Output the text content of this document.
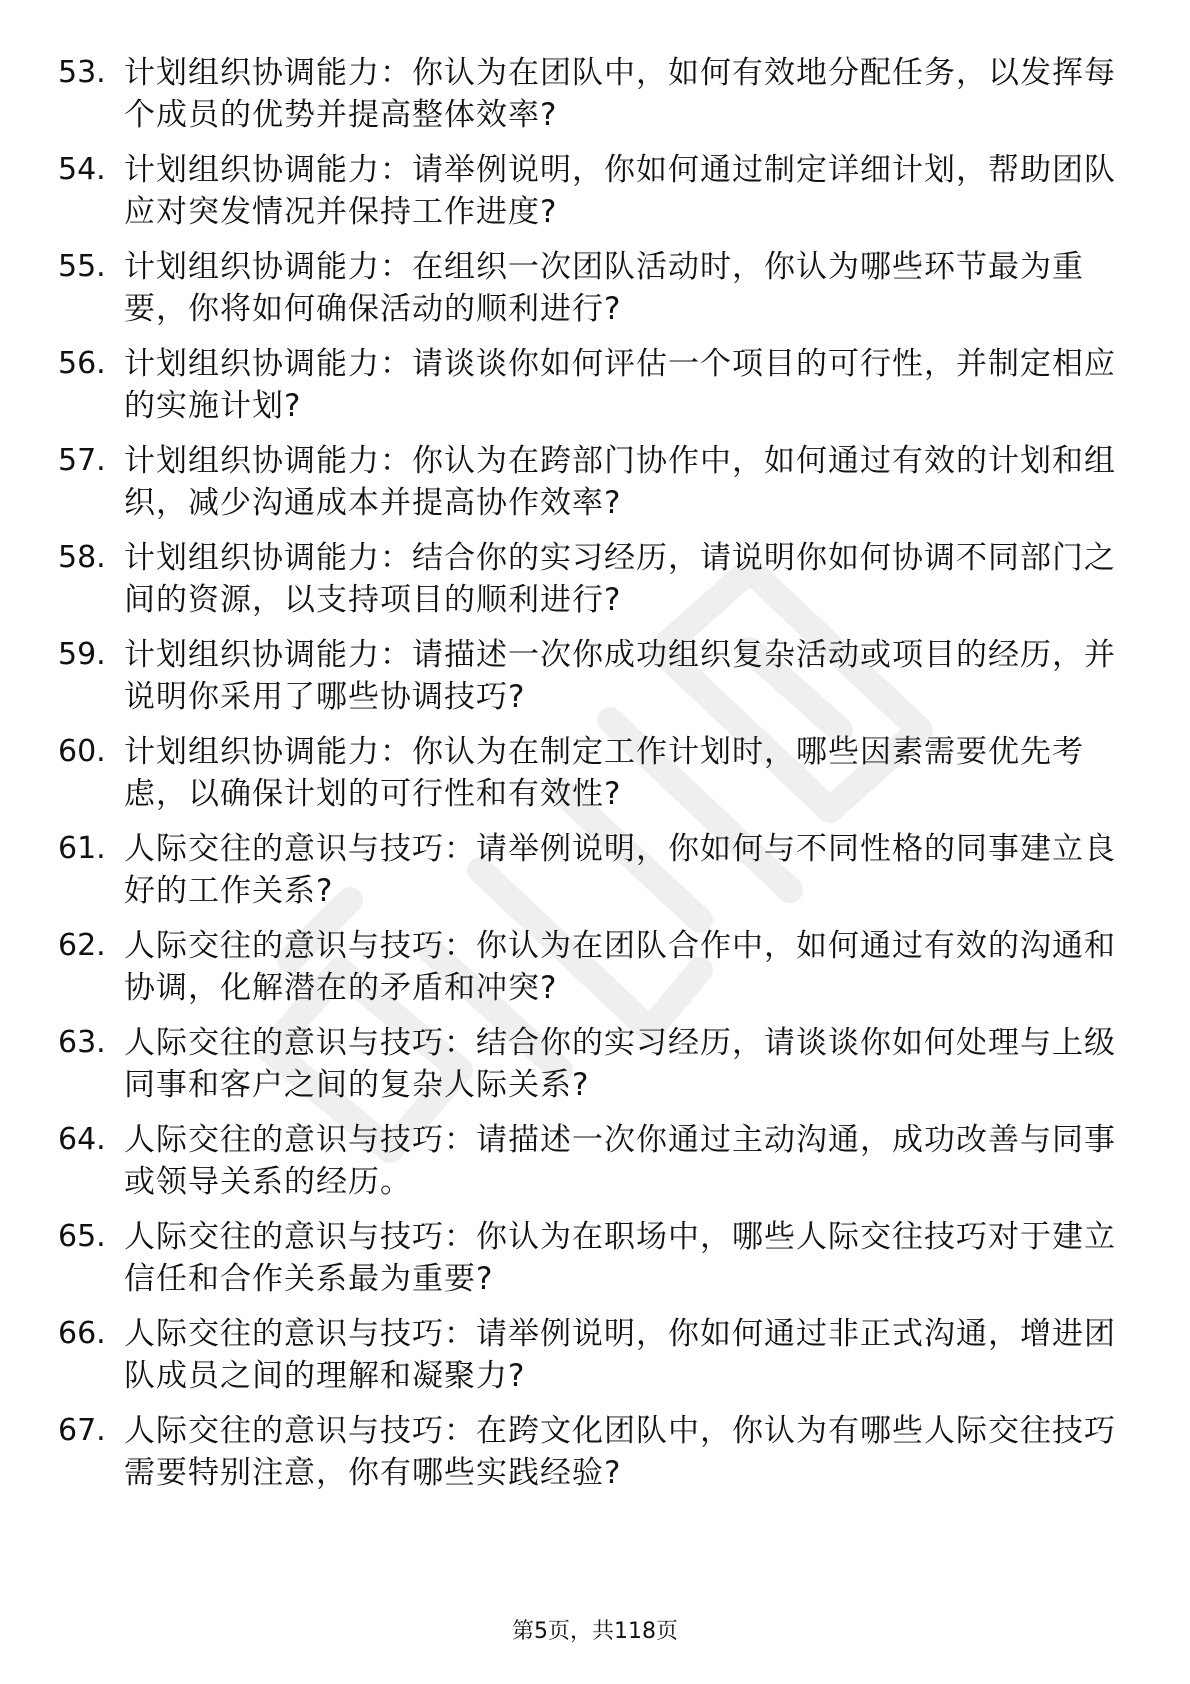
53. 计划组织协调能力：你认为在团队中，如何有效地分配任务，以发挥每个成员的优势并提高整体效率?
54. 计划组织协调能力：请举例说明，你如何通过制定详细计划，帮助团队应对突发情况并保持工作进度?
55. 计划组织协调能力：在组织一次团队活动时，你认为哪些环节最为重要，你将如何确保活动的顺利进行?
56. 计划组织协调能力：请谈谈你如何评估一个项目的可行性，并制定相应的实施计划?
57. 计划组织协调能力：你认为在跨部门协作中，如何通过有效的计划和组织，减少沟通成本并提高协作效率?
58. 计划组织协调能力：结合你的实习经历，请说明你如何协调不同部门之间的资源，以支持项目的顺利进行?
59. 计划组织协调能力：请描述一次你成功组织复杂活动或项目的经历，并说明你采用了哪些协调技巧?
60. 计划组织协调能力：你认为在制定工作计划时，哪些因素需要优先考虑，以确保计划的可行性和有效性?
61. 人际交往的意识与技巧：请举例说明，你如何与不同性格的同事建立良好的工作关系?
62. 人际交往的意识与技巧：你认为在团队合作中，如何通过有效的沟通和协调，化解潜在的矛盾和冲突?
63. 人际交往的意识与技巧：结合你的实习经历，请谈谈你如何处理与上级同事和客户之间的复杂人际关系?
64. 人际交往的意识与技巧：请描述一次你通过主动沟通，成功改善与同事或领导关系的经历。
65. 人际交往的意识与技巧：你认为在职场中，哪些人际交往技巧对于建立信任和合作关系最为重要?
66. 人际交往的意识与技巧：请举例说明，你如何通过非正式沟通，增进团队成员之间的理解和凝聚力?
67. 人际交往的意识与技巧：在跨文化团队中，你认为有哪些人际交往技巧需要特别注意，你有哪些实践经验?
第5页，共118页
